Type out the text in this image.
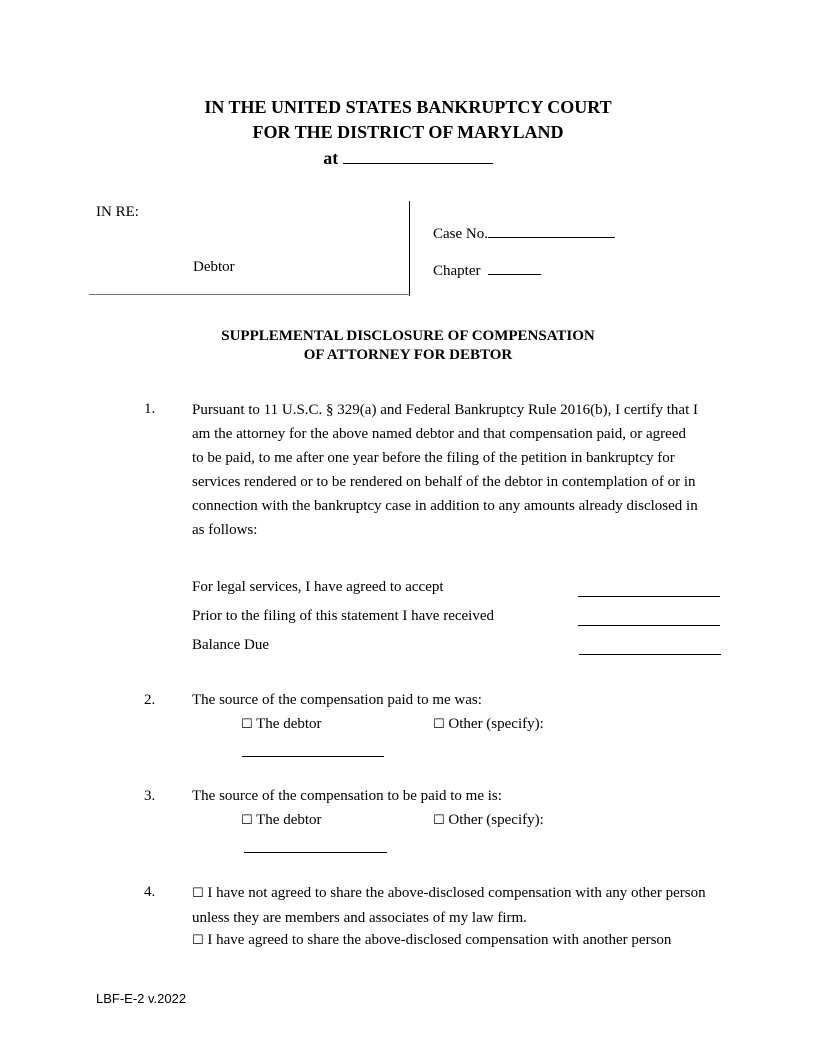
IN THE UNITED STATES BANKRUPTCY COURT
FOR THE DISTRICT OF MARYLAND
at
IN RE:
Debtor
Case No.
Chapter
SUPPLEMENTAL DISCLOSURE OF COMPENSATION
OF ATTORNEY FOR DEBTOR
1. Pursuant to 11 U.S.C. § 329(a) and Federal Bankruptcy Rule 2016(b), I certify that I am the attorney for the above named debtor and that compensation paid, or agreed to be paid, to me after one year before the filing of the petition in bankruptcy for services rendered or to be rendered on behalf of the debtor in contemplation of or in connection with the bankruptcy case in addition to any amounts already disclosed in as follows:
For legal services, I have agreed to accept
Prior to the filing of this statement I have received
Balance Due
2. The source of the compensation paid to me was:
☐ The debtor	☐ Other (specify):
3. The source of the compensation to be paid to me is:
☐ The debtor	☐ Other (specify):
4.	☐ I have not agreed to share the above-disclosed compensation with any other person unless they are members and associates of my law firm.
☐ I have agreed to share the above-disclosed compensation with another person
LBF-E-2 v.2022
